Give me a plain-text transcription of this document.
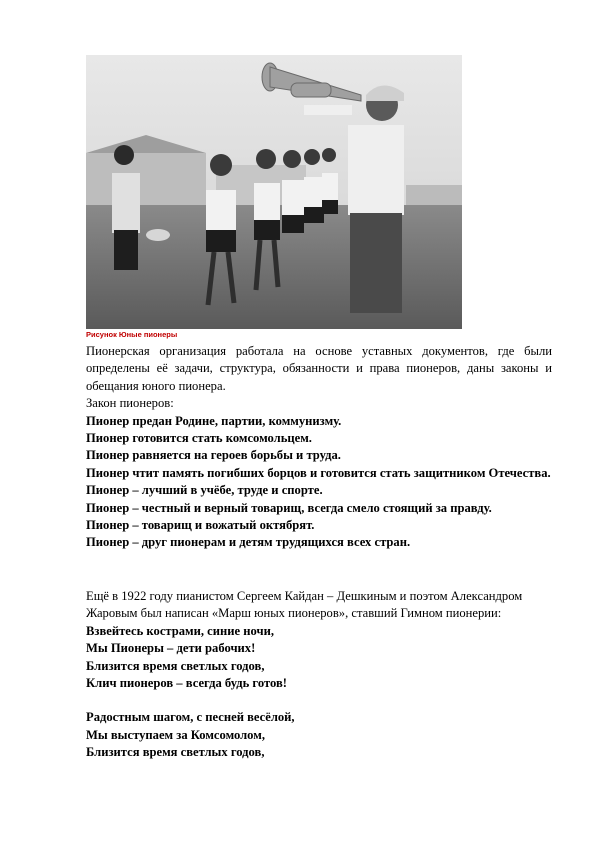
Рисунок Юные пионеры

Пионерская организация работала на основе уставных документов, где были определены её задачи, структура, обязанности и права пионеров, даны законы и обещания юного пионера.

Закон пионеров:

Пионер предан Родине, партии, коммунизму.

Пионер готовится стать комсомольцем.

Пионер равняется на героев борьбы и труда.

Пионер чтит память погибших борцов и готовится стать защитником Отечества.

Пионер – лучший в учёбе, труде и спорте.

Пионер – честный и верный товарищ, всегда смело стоящий за правду.

Пионер – товарищ и вожатый октябрят.

Пионер – друг пионерам и детям трудящихся всех стран.

Ещё в 1922 году пианистом Сергеем Кайдан – Дешкиным и поэтом Александром Жаровым был написан «Марш юных пионеров», ставший Гимном пионерии:

Взвейтесь кострами, синие ночи,

Мы Пионеры – дети рабочих!

Близится время светлых годов,

Клич пионеров – всегда будь готов!

Радостным шагом, с песней весёлой,

Мы выступаем за Комсомолом,

Близится время светлых годов,
